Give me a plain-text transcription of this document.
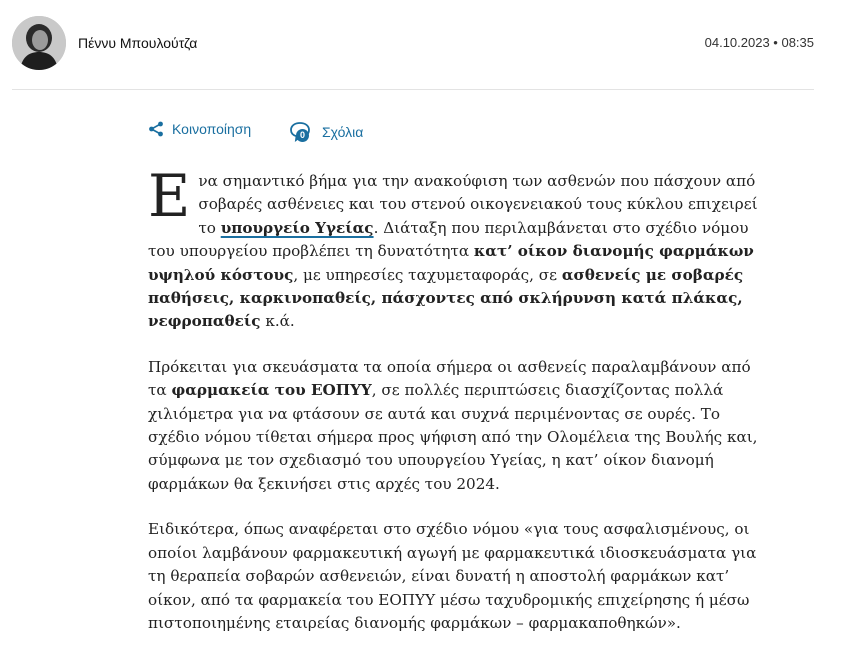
Πέννυ Μπουλούτζα	04.10.2023 • 08:35
Κοινοποίηση	0 Σχόλια

Ενα σημαντικό βήμα για την ανακούφιση των ασθενών που πάσχουν από σοβαρές ασθένειες και του στενού οικογενειακού τους κύκλου επιχειρεί το υπουργείο Υγείας. Διάταξη που περιλαμβάνεται στο σχέδιο νόμου του υπουργείου προβλέπει τη δυνατότητα κατ’ οίκον διανομής φαρμάκων υψηλού κόστους, με υπηρεσίες ταχυμεταφοράς, σε ασθενείς με σοβαρές παθήσεις, καρκινοπαθείς, πάσχοντες από σκλήρυνση κατά πλάκας, νεφροπαθείς κ.ά.

Πρόκειται για σκευάσματα τα οποία σήμερα οι ασθενείς παραλαμβάνουν από τα φαρμακεία του ΕΟΠΥΥ, σε πολλές περιπτώσεις διασχίζοντας πολλά χιλιόμετρα για να φτάσουν σε αυτά και συχνά περιμένοντας σε ουρές. Το σχέδιο νόμου τίθεται σήμερα προς ψήφιση από την Ολομέλεια της Βουλής και, σύμφωνα με τον σχεδιασμό του υπουργείου Υγείας, η κατ’ οίκον διανομή φαρμάκων θα ξεκινήσει στις αρχές του 2024.

Ειδικότερα, όπως αναφέρεται στο σχέδιο νόμου «για τους ασφαλισμένους, οι οποίοι λαμβάνουν φαρμακευτική αγωγή με φαρμακευτικά ιδιοσκευάσματα για τη θεραπεία σοβαρών ασθενειών, είναι δυνατή η αποστολή φαρμάκων κατ’ οίκον, από τα φαρμακεία του ΕΟΠΥΥ μέσω ταχυδρομικής επιχείρησης ή μέσω πιστοποιημένης εταιρείας διανομής φαρμάκων – φαρμακαποθηκών».
